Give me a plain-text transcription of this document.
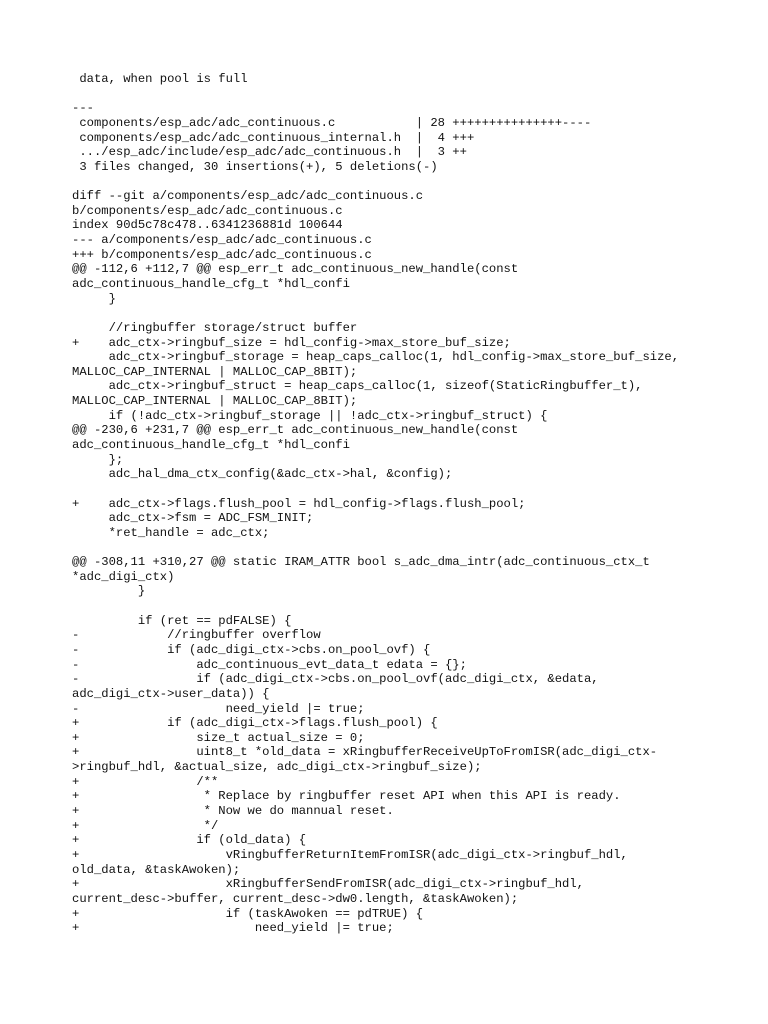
data, when pool is full
---
components/esp_adc/adc_continuous.c           | 28 +++++++++++++++----
components/esp_adc/adc_continuous_internal.h  |  4 +++
.../esp_adc/include/esp_adc/adc_continuous.h  |  3 ++
3 files changed, 30 insertions(+), 5 deletions(-)
diff --git a/components/esp_adc/adc_continuous.c
b/components/esp_adc/adc_continuous.c
index 90d5c78c478..6341236881d 100644
--- a/components/esp_adc/adc_continuous.c
+++ b/components/esp_adc/adc_continuous.c
@@ -112,6 +112,7 @@ esp_err_t adc_continuous_new_handle(const
adc_continuous_handle_cfg_t *hdl_confi
}
//ringbuffer storage/struct buffer
+    adc_ctx->ringbuf_size = hdl_config->max_store_buf_size;
adc_ctx->ringbuf_storage = heap_caps_calloc(1, hdl_config->max_store_buf_size,
MALLOC_CAP_INTERNAL | MALLOC_CAP_8BIT);
adc_ctx->ringbuf_struct = heap_caps_calloc(1, sizeof(StaticRingbuffer_t),
MALLOC_CAP_INTERNAL | MALLOC_CAP_8BIT);
if (!adc_ctx->ringbuf_storage || !adc_ctx->ringbuf_struct) {
@@ -230,6 +231,7 @@ esp_err_t adc_continuous_new_handle(const
adc_continuous_handle_cfg_t *hdl_confi
};
adc_hal_dma_ctx_config(&adc_ctx->hal, &config);
+    adc_ctx->flags.flush_pool = hdl_config->flags.flush_pool;
adc_ctx->fsm = ADC_FSM_INIT;
*ret_handle = adc_ctx;
@@ -308,11 +310,27 @@ static IRAM_ATTR bool s_adc_dma_intr(adc_continuous_ctx_t
*adc_digi_ctx)
}
if (ret == pdFALSE) {
-            //ringbuffer overflow
-            if (adc_digi_ctx->cbs.on_pool_ovf) {
-                adc_continuous_evt_data_t edata = {};
-                if (adc_digi_ctx->cbs.on_pool_ovf(adc_digi_ctx, &edata,
adc_digi_ctx->user_data)) {
-                    need_yield |= true;
+            if (adc_digi_ctx->flags.flush_pool) {
+                size_t actual_size = 0;
+                uint8_t *old_data = xRingbufferReceiveUpToFromISR(adc_digi_ctx-
>ringbuf_hdl, &actual_size, adc_digi_ctx->ringbuf_size);
+                /**
+                 * Replace by ringbuffer reset API when this API is ready.
+                 * Now we do mannual reset.
+                 */
+                if (old_data) {
+                    vRingbufferReturnItemFromISR(adc_digi_ctx->ringbuf_hdl,
old_data, &taskAwoken);
+                    xRingbufferSendFromISR(adc_digi_ctx->ringbuf_hdl,
current_desc->buffer, current_desc->dw0.length, &taskAwoken);
+                    if (taskAwoken == pdTRUE) {
+                        need_yield |= true;
